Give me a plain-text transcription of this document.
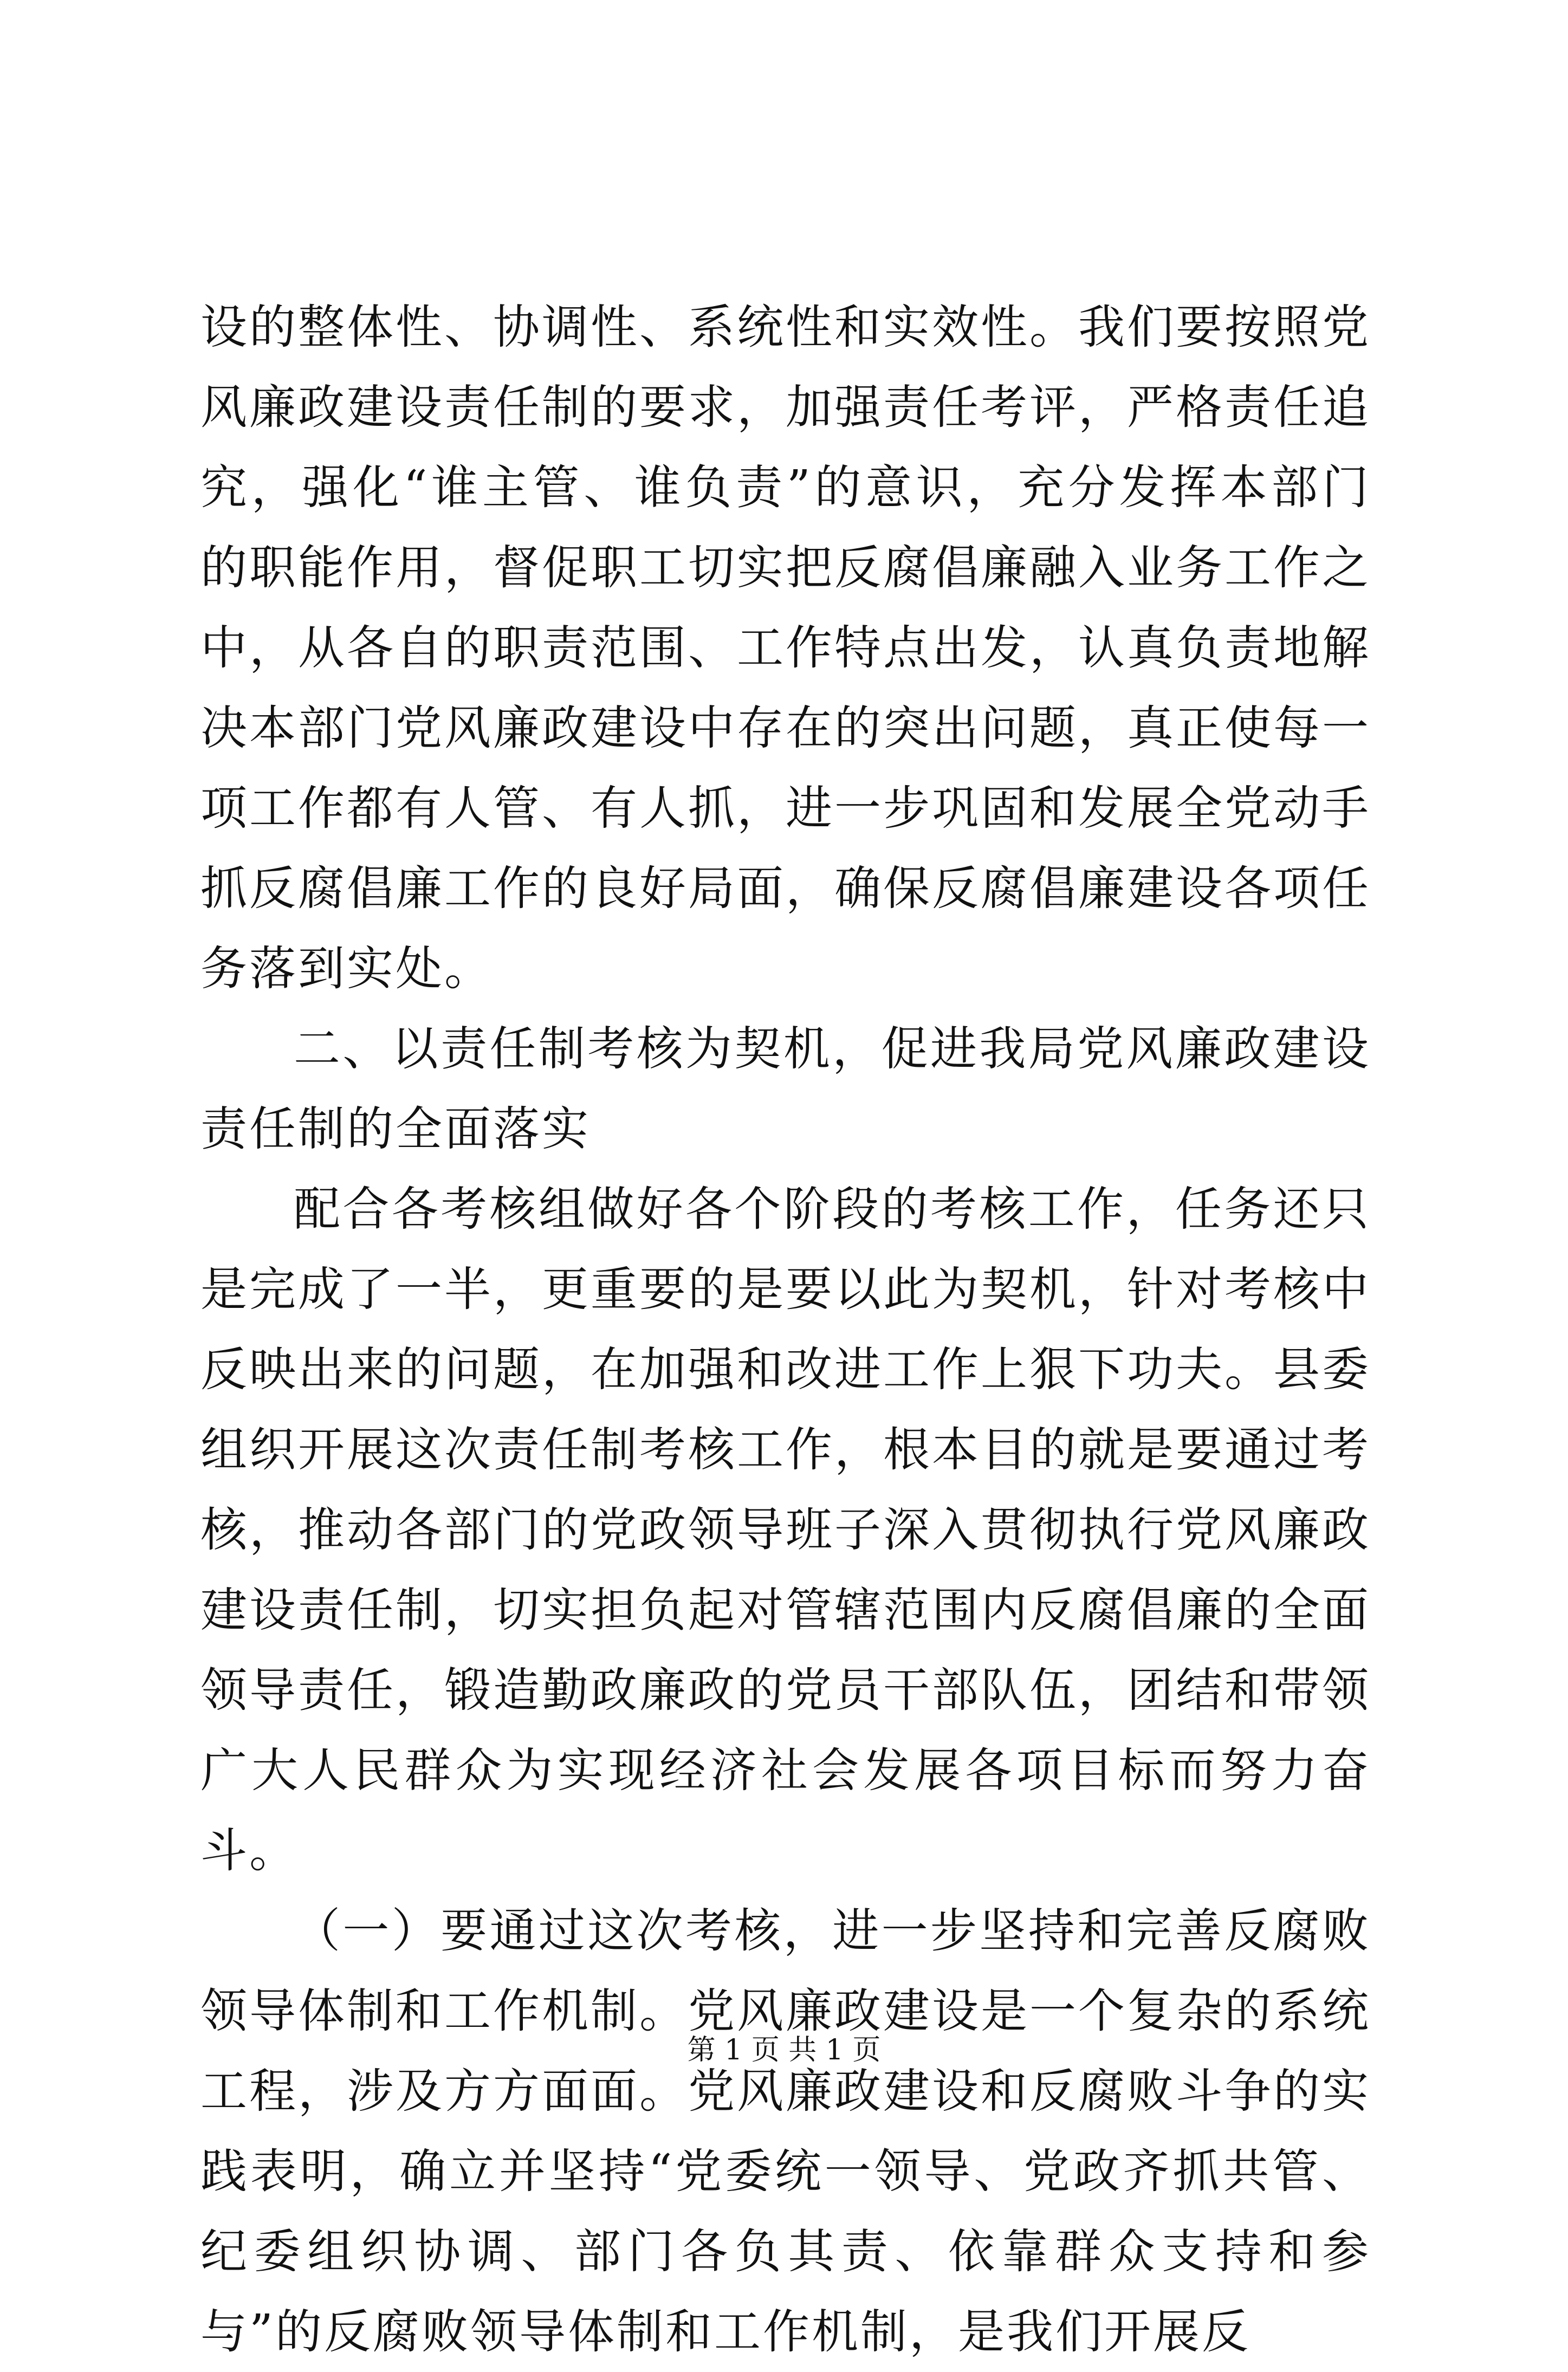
设的整体性、协调性、系统性和实效性。我们要按照党风廉政建设责任制的要求，加强责任考评，严格责任追究，强化“谁主管、谁负责”的意识，充分发挥本部门的职能作用，督促职工切实把反腐倡廉融入业务工作之中，从各自的职责范围、工作特点出发，认真负责地解决本部门党风廉政建设中存在的突出问题，真正使每一项工作都有人管、有人抓，进一步巩固和发展全党动手抓反腐倡廉工作的良好局面，确保反腐倡廉建设各项任务落到实处。

二、以责任制考核为契机，促进我局党风廉政建设责任制的全面落实

配合各考核组做好各个阶段的考核工作，任务还只是完成了一半，更重要的是要以此为契机，针对考核中反映出来的问题，在加强和改进工作上狠下功夫。县委组织开展这次责任制考核工作，根本目的就是要通过考核，推动各部门的党政领导班子深入贯彻执行党风廉政建设责任制，切实担负起对管辖范围内反腐倡廉的全面领导责任，锻造勤政廉政的党员干部队伍，团结和带领广大人民群众为实现经济社会发展各项目标而努力奋斗。

（一）要通过这次考核，进一步坚持和完善反腐败领导体制和工作机制。党风廉政建设是一个复杂的系统工程，涉及方方面面。党风廉政建设和反腐败斗争的实践表明，确立并坚持“党委统一领导、党政齐抓共管、纪委组织协调、部门各负其责、依靠群众支持和参与”的反腐败领导体制和工作机制，是我们开展反

第 1 页 共 1 页
